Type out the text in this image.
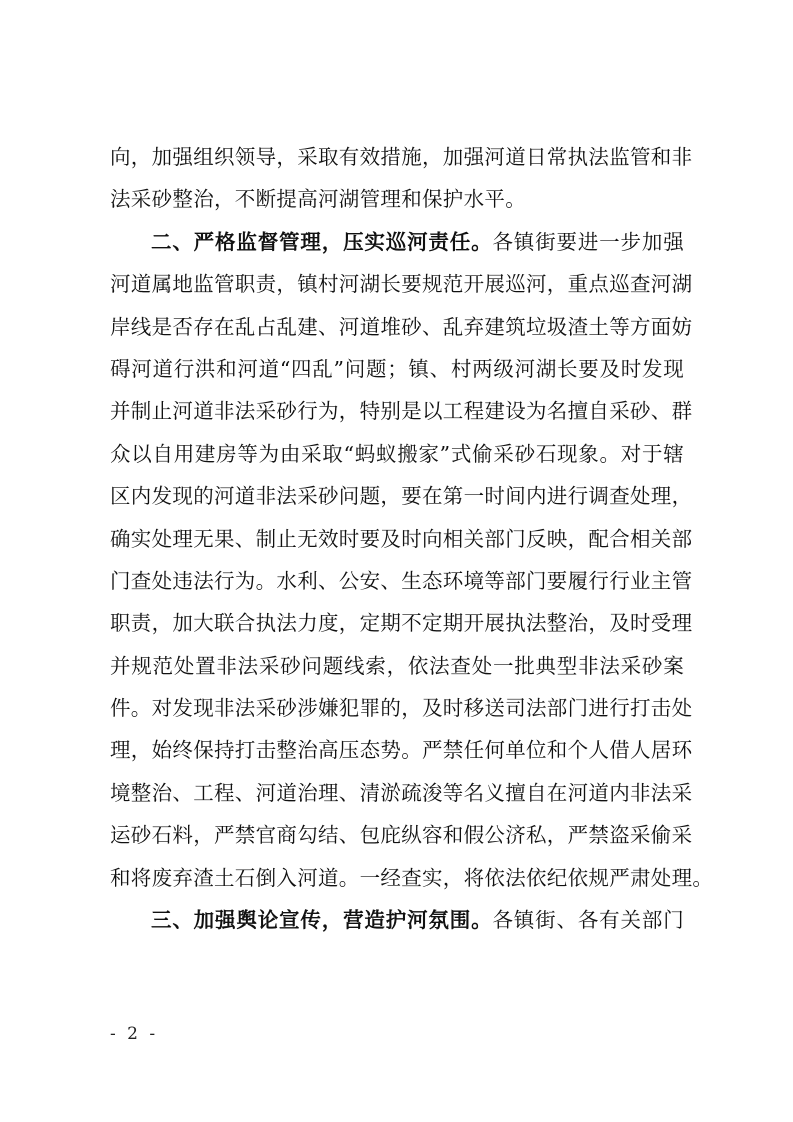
向，加强组织领导，采取有效措施，加强河道日常执法监管和非
法采砂整治，不断提高河湖管理和保护水平。
二、严格监督管理，压实巡河责任。各镇街要进一步加强
河道属地监管职责，镇村河湖长要规范开展巡河，重点巡查河湖
岸线是否存在乱占乱建、河道堆砂、乱弃建筑垃圾渣土等方面妨
碍河道行洪和河道“四乱”问题；镇、村两级河湖长要及时发现
并制止河道非法采砂行为，特别是以工程建设为名擅自采砂、群
众以自用建房等为由采取“蚂蚁搬家”式偷采砂石现象。对于辖
区内发现的河道非法采砂问题，要在第一时间内进行调查处理，
确实处理无果、制止无效时要及时向相关部门反映，配合相关部
门查处违法行为。水利、公安、生态环境等部门要履行行业主管
职责，加大联合执法力度，定期不定期开展执法整治，及时受理
并规范处置非法采砂问题线索，依法查处一批典型非法采砂案
件。对发现非法采砂涉嫌犯罪的，及时移送司法部门进行打击处
理，始终保持打击整治高压态势。严禁任何单位和个人借人居环
境整治、工程、河道治理、清淤疏浚等名义擅自在河道内非法采
运砂石料，严禁官商勾结、包庇纵容和假公济私，严禁盗采偷采
和将废弃渣土石倒入河道。一经查实，将依法依纪依规严肃处理。
三、加强舆论宣传，营造护河氛围。各镇街、各有关部门
- 2 -
